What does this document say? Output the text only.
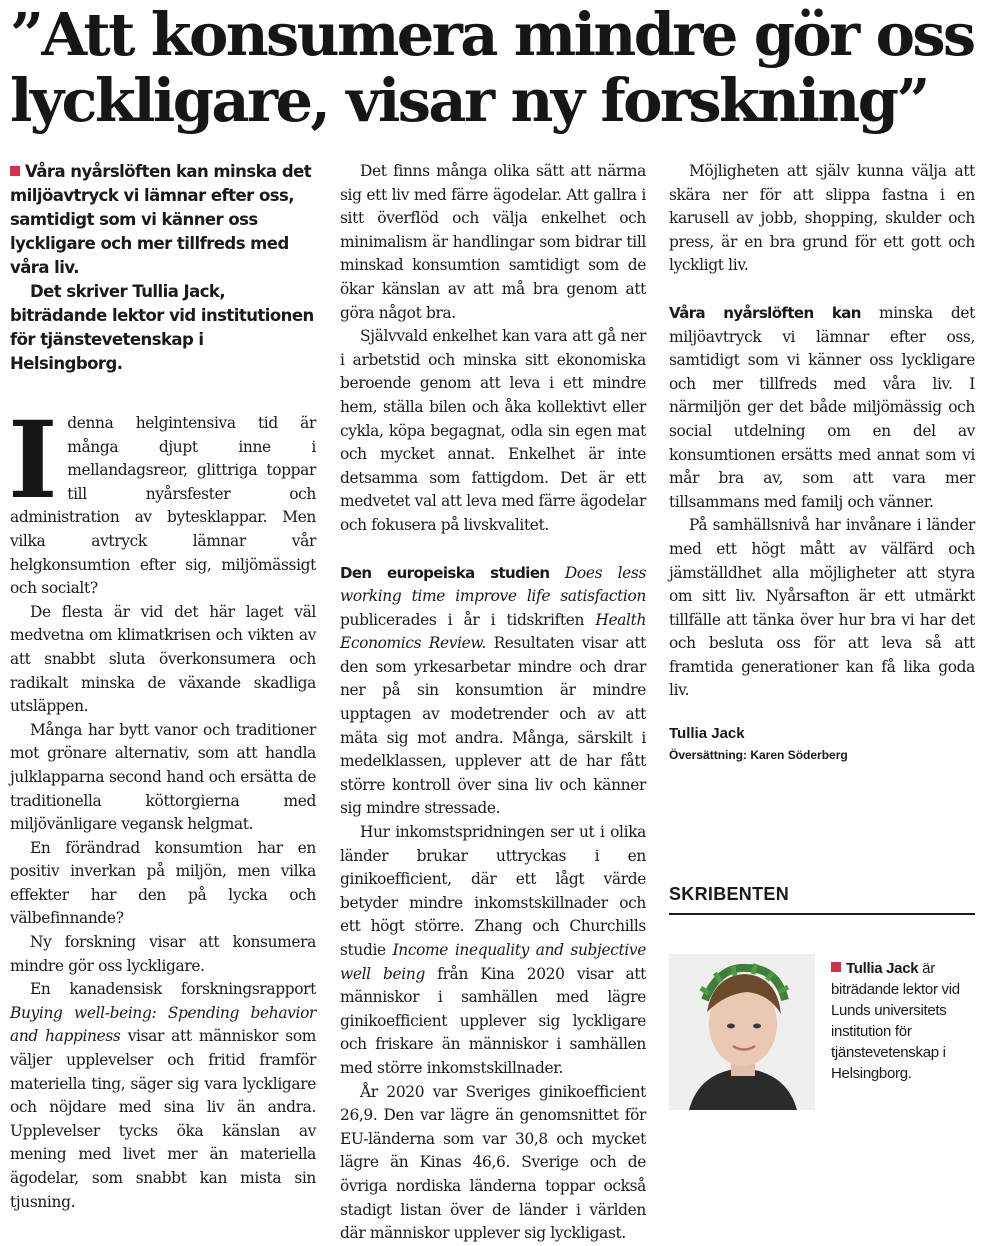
”Att konsumera mindre gör oss lyckligare, visar ny forskning”

Våra nyårslöften kan minska det miljöavtryck vi lämnar efter oss, samtidigt som vi känner oss lyckligare och mer tillfreds med våra liv.

Det skriver Tullia Jack, biträdande lektor vid institutionen för tjänstevetenskap i Helsingborg.

Idenna helgintensiva tid är många djupt inne i mellandagsreor, glittriga toppar till nyårsfester och administration av bytesklappar. Men vilka avtryck lämnar vår helgkonsumtion efter sig, miljömässigt och socialt?

De flesta är vid det här laget väl medvetna om klimatkrisen och vikten av att snabbt sluta överkonsumera och radikalt minska de växande skadliga utsläppen.

Många har bytt vanor och traditioner mot grönare alternativ, som att handla julklapparna second hand och ersätta de traditionella köttorgierna med miljövänligare vegansk helgmat.

En förändrad konsumtion har en positiv inverkan på miljön, men vilka effekter har den på lycka och välbefinnande?

Ny forskning visar att konsumera mindre gör oss lyckligare.

En kanadensisk forskningsrapport Buying well-being: Spending behavior and happiness visar att människor som väljer upplevelser och fritid framför materiella ting, säger sig vara lyckligare och nöjdare med sina liv än andra. Upplevelser tycks öka känslan av mening med livet mer än materiella ägodelar, som snabbt kan mista sin tjusning.

Det finns många olika sätt att närma sig ett liv med färre ägodelar. Att gallra i sitt överflöd och välja enkelhet och minimalism är handlingar som bidrar till minskad konsumtion samtidigt som de ökar känslan av att må bra genom att göra något bra.

Självvald enkelhet kan vara att gå ner i arbetstid och minska sitt ekonomiska beroende genom att leva i ett mindre hem, ställa bilen och åka kollektivt eller cykla, köpa begagnat, odla sin egen mat och mycket annat. Enkelhet är inte detsamma som fattigdom. Det är ett medvetet val att leva med färre ägodelar och fokusera på livskvalitet.

Den europeiska studien Does less working time improve life satisfaction publicerades i år i tidskriften Health Economics Review. Resultaten visar att den som yrkesarbetar mindre och drar ner på sin konsumtion är mindre upptagen av modetrender och av att mäta sig mot andra. Många, särskilt i medelklassen, upplever att de har fått större kontroll över sina liv och känner sig mindre stressade.

Hur inkomstspridningen ser ut i olika länder brukar uttryckas i en ginikoefficient, där ett lågt värde betyder mindre inkomstskillnader och ett högt större. Zhang och Churchills studie Income inequality and subjective well being från Kina 2020 visar att människor i samhällen med lägre ginikoefficient upplever sig lyckligare och friskare än människor i samhällen med större inkomstskillnader.

År 2020 var Sveriges ginikoefficient 26,9. Den var lägre än genomsnittet för EU-länderna som var 30,8 och mycket lägre än Kinas 46,6. Sverige och de övriga nordiska länderna toppar också stadigt listan över de länder i världen där människor upplever sig lyckligast.

Möjligheten att själv kunna välja att skära ner för att slippa fastna i en karusell av jobb, shopping, skulder och press, är en bra grund för ett gott och lyckligt liv.

Våra nyårslöften kan minska det miljöavtryck vi lämnar efter oss, samtidigt som vi känner oss lyckligare och mer tillfreds med våra liv. I närmiljön ger det både miljömässig och social utdelning om en del av konsumtionen ersätts med annat som vi mår bra av, som att vara mer tillsammans med familj och vänner.

På samhällsnivå har invånare i länder med ett högt mått av välfärd och jämställdhet alla möjligheter att styra om sitt liv. Nyårsafton är ett utmärkt tillfälle att tänka över hur bra vi har det och besluta oss för att leva så att framtida generationer kan få lika goda liv.

Tullia Jack

Översättning: Karen Söderberg

SKRIBENTEN

Tullia Jack är biträdande lektor vid Lunds universitets institution för tjänstevetenskap i Helsingborg.
